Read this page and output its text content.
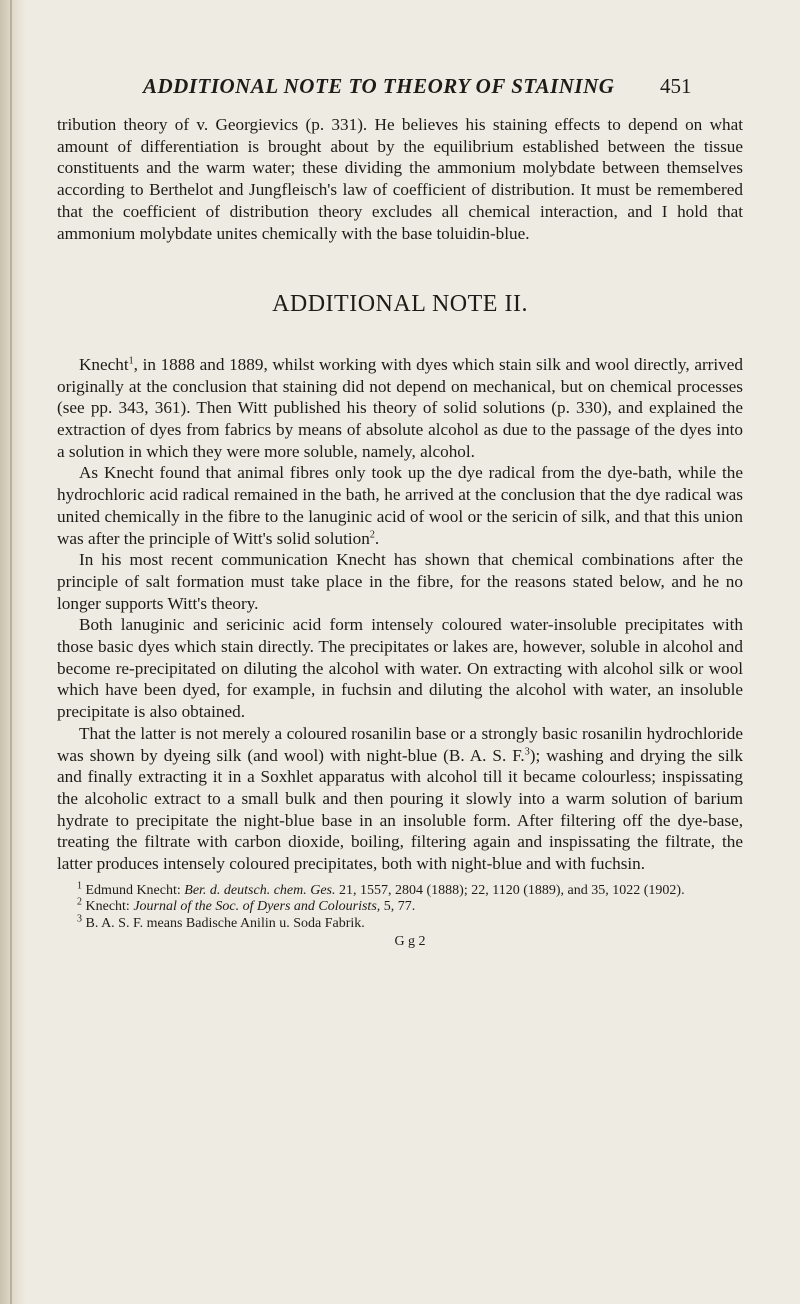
ADDITIONAL NOTE TO THEORY OF STAINING	451

tribution theory of v. Georgievics (p. 331). He believes his staining effects to depend on what amount of differentiation is brought about by the equilibrium established between the tissue constituents and the warm water; these dividing the ammonium molybdate between themselves according to Berthelot and Jungfleisch's law of coefficient of distribution. It must be remembered that the coefficient of distribution theory excludes all chemical interaction, and I hold that ammonium molybdate unites chemically with the base toluidin-blue.

ADDITIONAL NOTE II.

Knecht$^1$, in 1888 and 1889, whilst working with dyes which stain silk and wool directly, arrived originally at the conclusion that staining did not depend on mechanical, but on chemical processes (see pp. 343, 361). Then Witt published his theory of solid solutions (p. 330), and explained the extraction of dyes from fabrics by means of absolute alcohol as due to the passage of the dyes into a solution in which they were more soluble, namely, alcohol.

As Knecht found that animal fibres only took up the dye radical from the dye-bath, while the hydrochloric acid radical remained in the bath, he arrived at the conclusion that the dye radical was united chemically in the fibre to the lanuginic acid of wool or the sericin of silk, and that this union was after the principle of Witt's solid solution$^2$.

In his most recent communication Knecht has shown that chemical combinations after the principle of salt formation must take place in the fibre, for the reasons stated below, and he no longer supports Witt's theory.

Both lanuginic and sericinic acid form intensely coloured water-insoluble precipitates with those basic dyes which stain directly. The precipitates or lakes are, however, soluble in alcohol and become re-precipitated on diluting the alcohol with water. On extracting with alcohol silk or wool which have been dyed, for example, in fuchsin and diluting the alcohol with water, an insoluble precipitate is also obtained.

That the latter is not merely a coloured rosanilin base or a strongly basic rosanilin hydrochloride was shown by dyeing silk (and wool) with night-blue (B. A. S. F.$^3$); washing and drying the silk and finally extracting it in a Soxhlet apparatus with alcohol till it became colourless; inspissating the alcoholic extract to a small bulk and then pouring it slowly into a warm solution of barium hydrate to precipitate the night-blue base in an insoluble form. After filtering off the dye-base, treating the filtrate with carbon dioxide, boiling, filtering again and inspissating the filtrate, the latter produces intensely coloured precipitates, both with night-blue and with fuchsin.

$^1$ Edmund Knecht: Ber. d. deutsch. chem. Ges. 21, 1557, 2804 (1888); 22, 1120 (1889), and 35, 1022 (1902).

$^2$ Knecht: Journal of the Soc. of Dyers and Colourists, 5, 77.

$^3$ B. A. S. F. means Badische Anilin u. Soda Fabrik.

G g 2
